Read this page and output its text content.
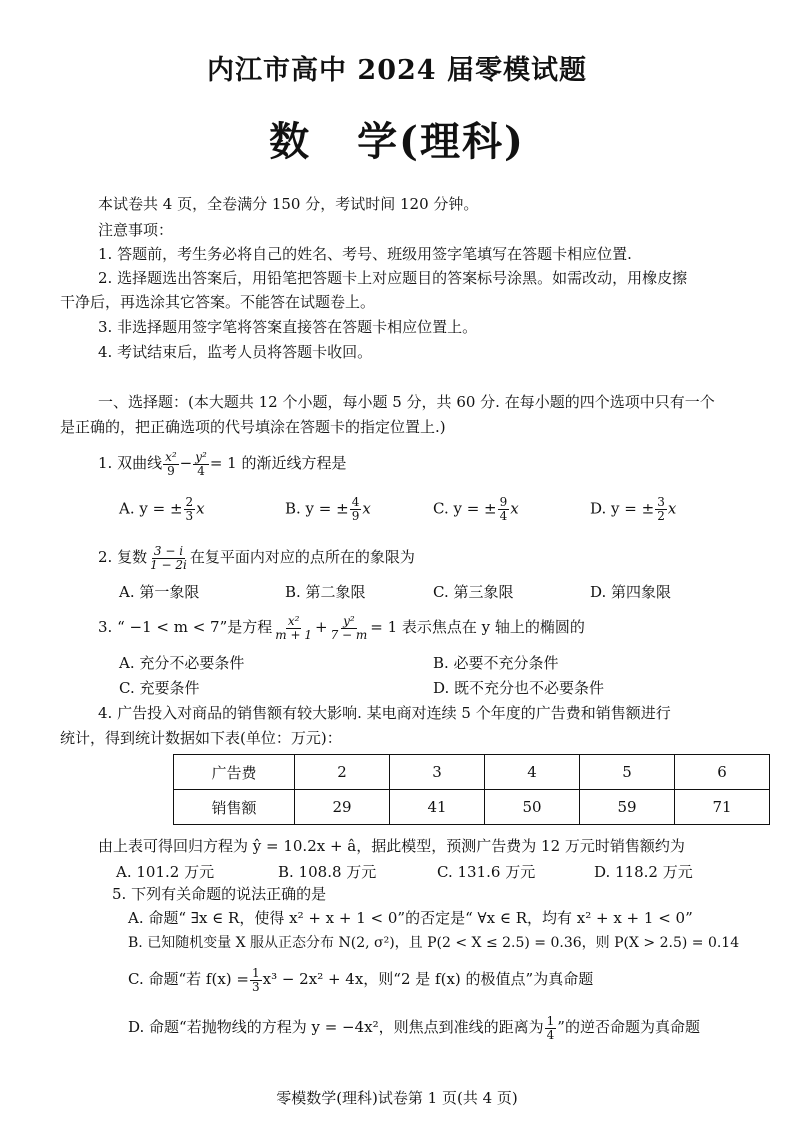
内江市高中 2024 届零模试题
数 学(理科)
本试卷共 4 页，全卷满分 150 分，考试时间 120 分钟。
注意事项：
1. 答题前，考生务必将自己的姓名、考号、班级用签字笔填写在答题卡相应位置.
2. 选择题选出答案后，用铅笔把答题卡上对应题目的答案标号涂黑。如需改动，用橡皮擦
干净后，再选涂其它答案。不能答在试题卷上。
3. 非选择题用签字笔将答案直接答在答题卡相应位置上。
4. 考试结束后，监考人员将答题卡收回。
一、选择题：(本大题共 12 个小题，每小题 5 分，共 60 分. 在每小题的四个选项中只有一个
是正确的，把正确选项的代号填涂在答题卡的指定位置上.)
1. 双曲线 $\frac{\text{x²}}{9} - \frac{\text{y²}}{4} = 1$ 的渐近线方程是
A. y = ± $\frac{2}{3}$ x	B. y = ± $\frac{4}{9}$ x	C. y = ± $\frac{9}{4}$ x	D. y = ± $\frac{3}{2}$ x
2. 复数 $\frac{3 - i}{1 - 2i}$ 在复平面内对应的点所在的象限为
A. 第一象限	B. 第二象限	C. 第三象限	D. 第四象限
3. “ −1 < m < 7”是方程 $\frac{\text{x²}}{m + 1} + \frac{\text{y²}}{7 - m} = 1$ 表示焦点在 y 轴上的椭圆的
A. 充分不必要条件	B. 必要不充分条件
C. 充要条件	D. 既不充分也不必要条件
4. 广告投入对商品的销售额有较大影响. 某电商对连续 5 个年度的广告费和销售额进行
统计，得到统计数据如下表(单位：万元)：
广告费	2	3	4	5	6
销售额	29	41	50	59	71
由上表可得回归方程为 ŷ = 10.2x + â，据此模型，预测广告费为 12 万元时销售额约为
A. 101.2 万元	B. 108.8 万元	C. 131.6 万元	D. 118.2 万元
5. 下列有关命题的说法正确的是
A. 命题“ ∃x ∈ R，使得 x² + x + 1 < 0”的否定是“ ∀x ∈ R，均有 x² + x + 1 < 0”
B. 已知随机变量 X 服从正态分布 N(2, σ²)，且 P(2 < X ≤ 2.5) = 0.36，则 P(X > 2.5) = 0.14
C. 命题“若 $f(x) = \frac{1}{3} x^3 - 2x^2 + 4x$，则“2 是 f(x) 的极值点”为真命题
D. 命题“若抛物线的方程为 y = −4x²，则焦点到准线的距离为 $\frac{1}{4}$ ”的逆否命题为真命题
零模数学(理科)试卷第 1 页(共 4 页)
